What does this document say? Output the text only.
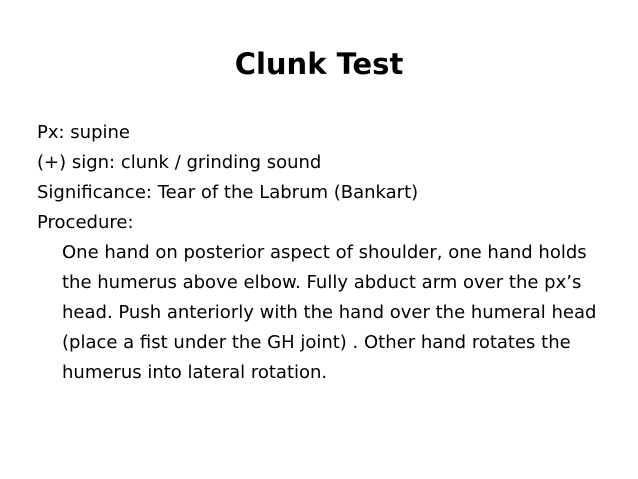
Clunk Test
Px: supine
(+) sign: clunk / grinding sound
Significance: Tear of the Labrum (Bankart)
Procedure:
One hand on posterior aspect of shoulder, one hand holds the humerus above elbow. Fully abduct arm over the px’s head. Push anteriorly with the hand over the humeral head (place a fist under the GH joint) . Other hand rotates the humerus into lateral rotation.
